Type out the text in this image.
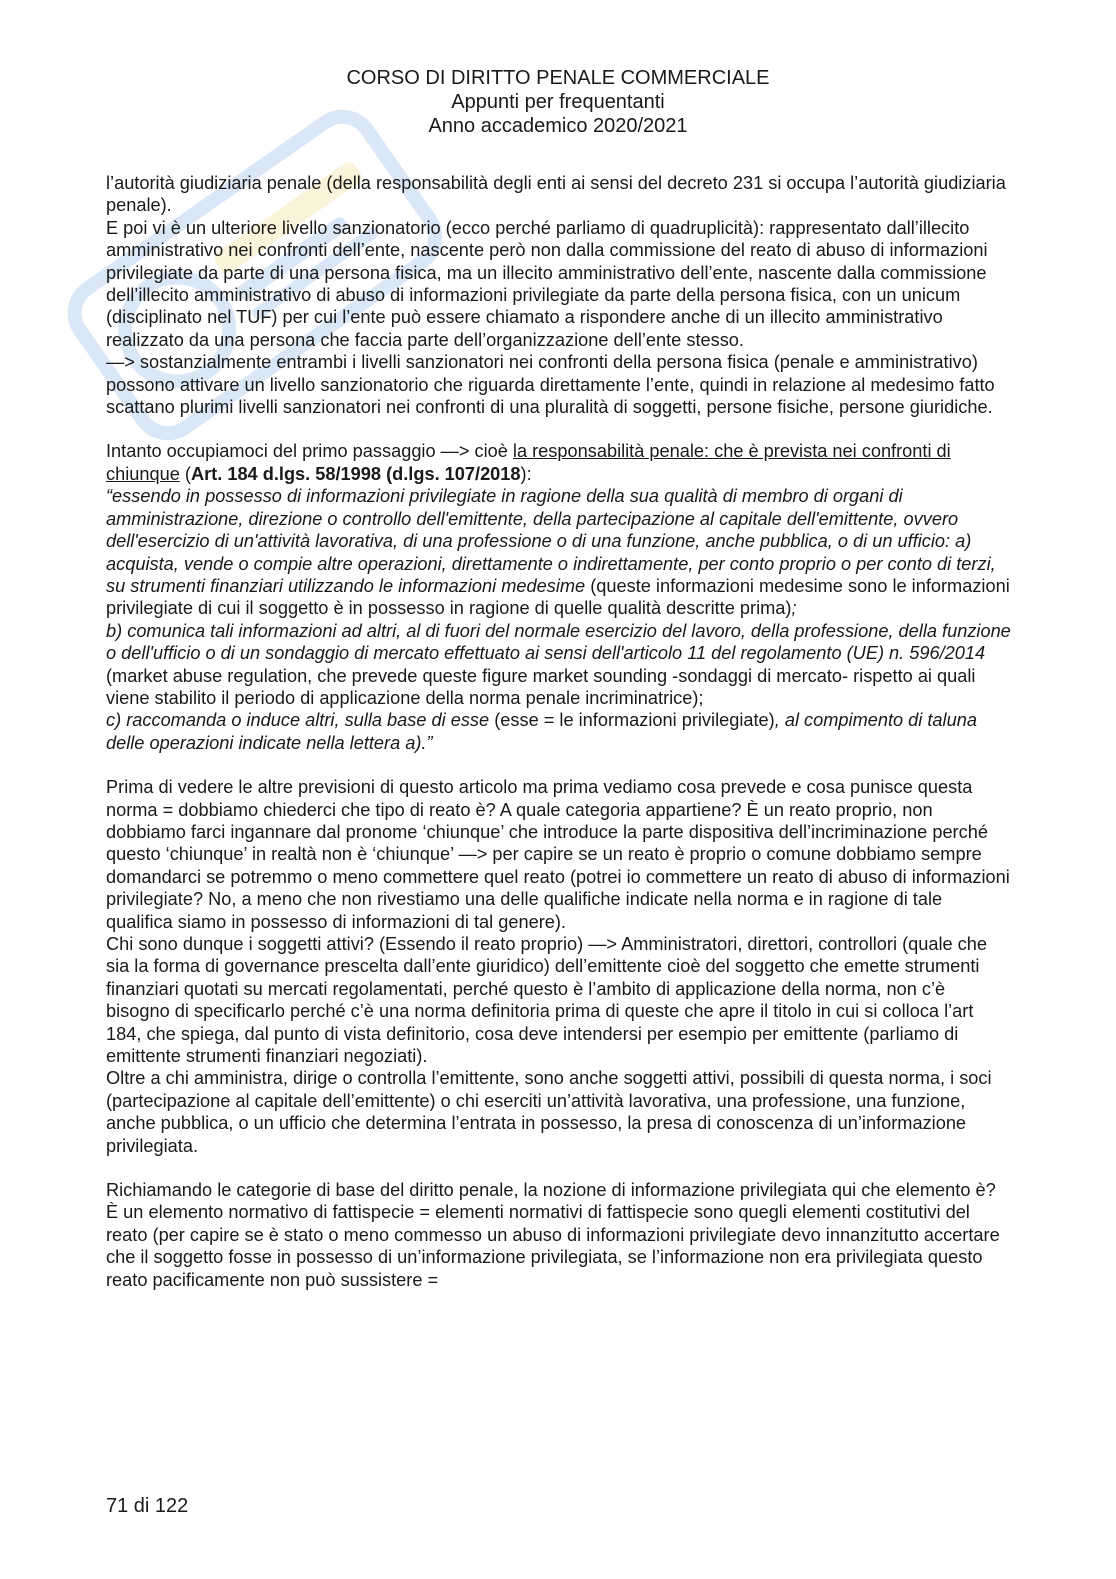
CORSO DI DIRITTO PENALE COMMERCIALE
Appunti per frequentanti
Anno accademico 2020/2021

l’autorità giudiziaria penale (della responsabilità degli enti ai sensi del decreto 231 si occupa l’autorità giudiziaria penale).

E poi vi è un ulteriore livello sanzionatorio (ecco perché parliamo di quadruplicità): rappresentato dall’illecito amministrativo nei confronti dell’ente, nascente però non dalla commissione del reato di abuso di informazioni privilegiate da parte di una persona fisica, ma un illecito amministrativo dell’ente, nascente dalla commissione dell’illecito amministrativo di abuso di informazioni privilegiate da parte della persona fisica, con un unicum (disciplinato nel TUF) per cui l’ente può essere chiamato a rispondere anche di un illecito amministrativo realizzato da una persona che faccia parte dell’organizzazione dell’ente stesso.

—> sostanzialmente entrambi i livelli sanzionatori nei confronti della persona fisica (penale e amministrativo) possono attivare un livello sanzionatorio che riguarda direttamente l’ente, quindi in relazione al medesimo fatto scattano plurimi livelli sanzionatori nei confronti di una pluralità di soggetti, persone fisiche, persone giuridiche.

Intanto occupiamoci del primo passaggio —> cioè la responsabilità penale: che è prevista nei confronti di chiunque (Art. 184 d.lgs. 58/1998 (d.lgs. 107/2018):

“essendo in possesso di informazioni privilegiate in ragione della sua qualità di membro di organi di amministrazione, direzione o controllo dell'emittente, della partecipazione al capitale dell'emittente, ovvero dell'esercizio di un'attività lavorativa, di una professione o di una funzione, anche pubblica, o di un ufficio: a) acquista, vende o compie altre operazioni, direttamente o indirettamente, per conto proprio o per conto di terzi, su strumenti finanziari utilizzando le informazioni medesime (queste informazioni medesime sono le informazioni privilegiate di cui il soggetto è in possesso in ragione di quelle qualità descritte prima);

b) comunica tali informazioni ad altri, al di fuori del normale esercizio del lavoro, della professione, della funzione o dell'ufficio o di un sondaggio di mercato effettuato ai sensi dell'articolo 11 del regolamento (UE) n. 596/2014 (market abuse regulation, che prevede queste figure market sounding -sondaggi di mercato- rispetto ai quali viene stabilito il periodo di applicazione della norma penale incriminatrice);

c) raccomanda o induce altri, sulla base di esse (esse = le informazioni privilegiate), al compimento di taluna delle operazioni indicate nella lettera a).”

Prima di vedere le altre previsioni di questo articolo ma prima vediamo cosa prevede e cosa punisce questa norma = dobbiamo chiederci che tipo di reato è? A quale categoria appartiene? È un reato proprio, non dobbiamo farci ingannare dal pronome ‘chiunque’ che introduce la parte dispositiva dell’incriminazione perché questo ‘chiunque’ in realtà non è ‘chiunque’ —> per capire se un reato è proprio o comune dobbiamo sempre domandarci se potremmo o meno commettere quel reato (potrei io commettere un reato di abuso di informazioni privilegiate? No, a meno che non rivestiamo una delle qualifiche indicate nella norma e in ragione di tale qualifica siamo in possesso di informazioni di tal genere).

Chi sono dunque i soggetti attivi? (Essendo il reato proprio) —> Amministratori, direttori, controllori (quale che sia la forma di governance prescelta dall’ente giuridico) dell’emittente cioè del soggetto che emette strumenti finanziari quotati su mercati regolamentati, perché questo è l’ambito di applicazione della norma, non c’è bisogno di specificarlo perché c’è una norma definitoria prima di queste che apre il titolo in cui si colloca l’art 184, che spiega, dal punto di vista definitorio, cosa deve intendersi per esempio per emittente (parliamo di emittente strumenti finanziari negoziati).

Oltre a chi amministra, dirige o controlla l’emittente, sono anche soggetti attivi, possibili di questa norma, i soci (partecipazione al capitale dell’emittente) o chi eserciti un’attività lavorativa, una professione, una funzione, anche pubblica, o un ufficio che determina l’entrata in possesso, la presa di conoscenza di un’informazione privilegiata.

Richiamando le categorie di base del diritto penale, la nozione di informazione privilegiata qui che elemento è? È un elemento normativo di fattispecie = elementi normativi di fattispecie sono quegli elementi costitutivi del reato (per capire se è stato o meno commesso un abuso di informazioni privilegiate devo innanzitutto accertare che il soggetto fosse in possesso di un’informazione privilegiata, se l’informazione non era privilegiata questo reato pacificamente non può sussistere =

71 di 122
